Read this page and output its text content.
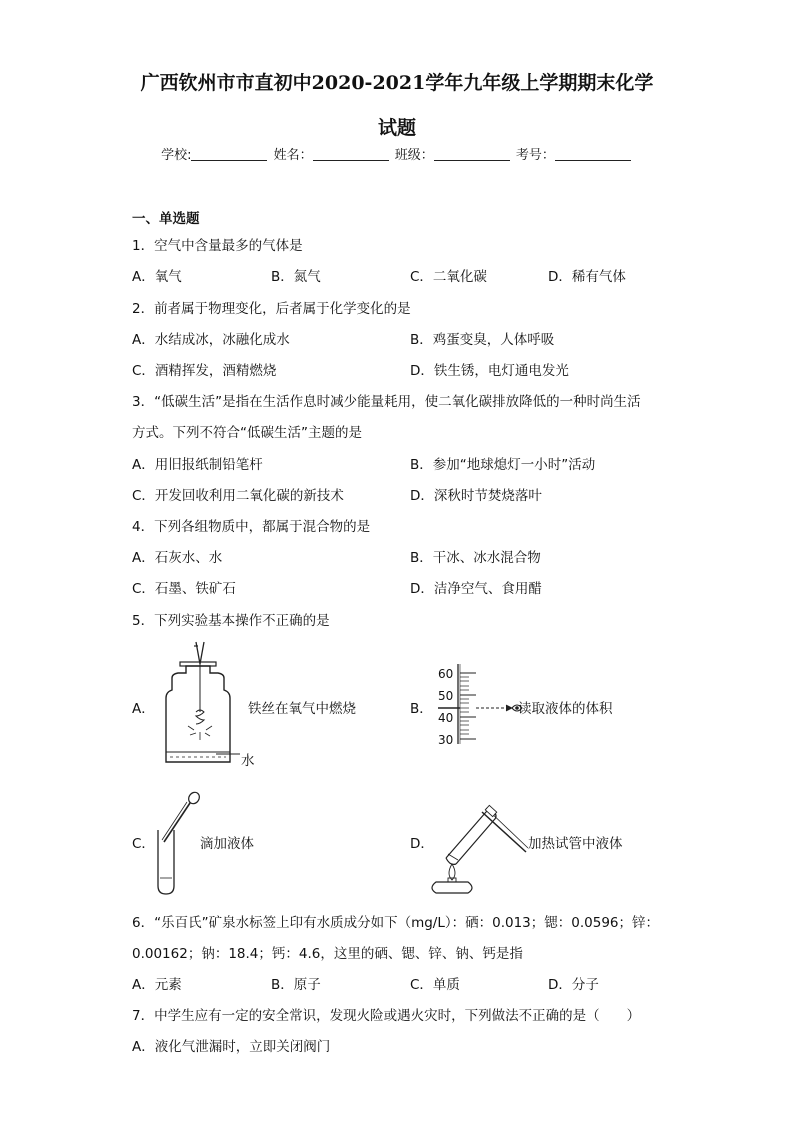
广西钦州市市直初中2020-2021学年九年级上学期期末化学
试题
学校:	姓名：	班级：	考号：
一、单选题
1．空气中含量最多的气体是
A．氧气	B．氮气	C．二氧化碳	D．稀有气体
2．前者属于物理变化，后者属于化学变化的是
A．水结成冰，冰融化成水	B．鸡蛋变臭，人体呼吸
C．酒精挥发，酒精燃烧	D．铁生锈，电灯通电发光
3．“低碳生活”是指在生活作息时减少能量耗用，使二氧化碳排放降低的一种时尚生活
方式。下列不符合“低碳生活”主题的是
A．用旧报纸制铅笔杆	B．参加“地球熄灯一小时”活动
C．开发回收利用二氧化碳的新技术	D．深秋时节焚烧落叶
4．下列各组物质中，都属于混合物的是
A．石灰水、水	B．干冰、冰水混合物
C．石墨、铁矿石	D．洁净空气、食用醋
5．下列实验基本操作不正确的是
A．
水
铁丝在氧气中燃烧	B．
60
50
40
30
读取液体的体积
C．	滴加液体	D．	加热试管中液体
6．“乐百氏”矿泉水标签上印有水质成分如下（mg/L）：硒：0.013；锶：0.0596；锌：
0.00162；钠：18.4；钙：4.6，这里的硒、锶、锌、钠、钙是指
A．元素	B．原子	C．单质	D．分子
7．中学生应有一定的安全常识，发现火险或遇火灾时，下列做法不正确的是（　　）
A．液化气泄漏时，立即关闭阀门
